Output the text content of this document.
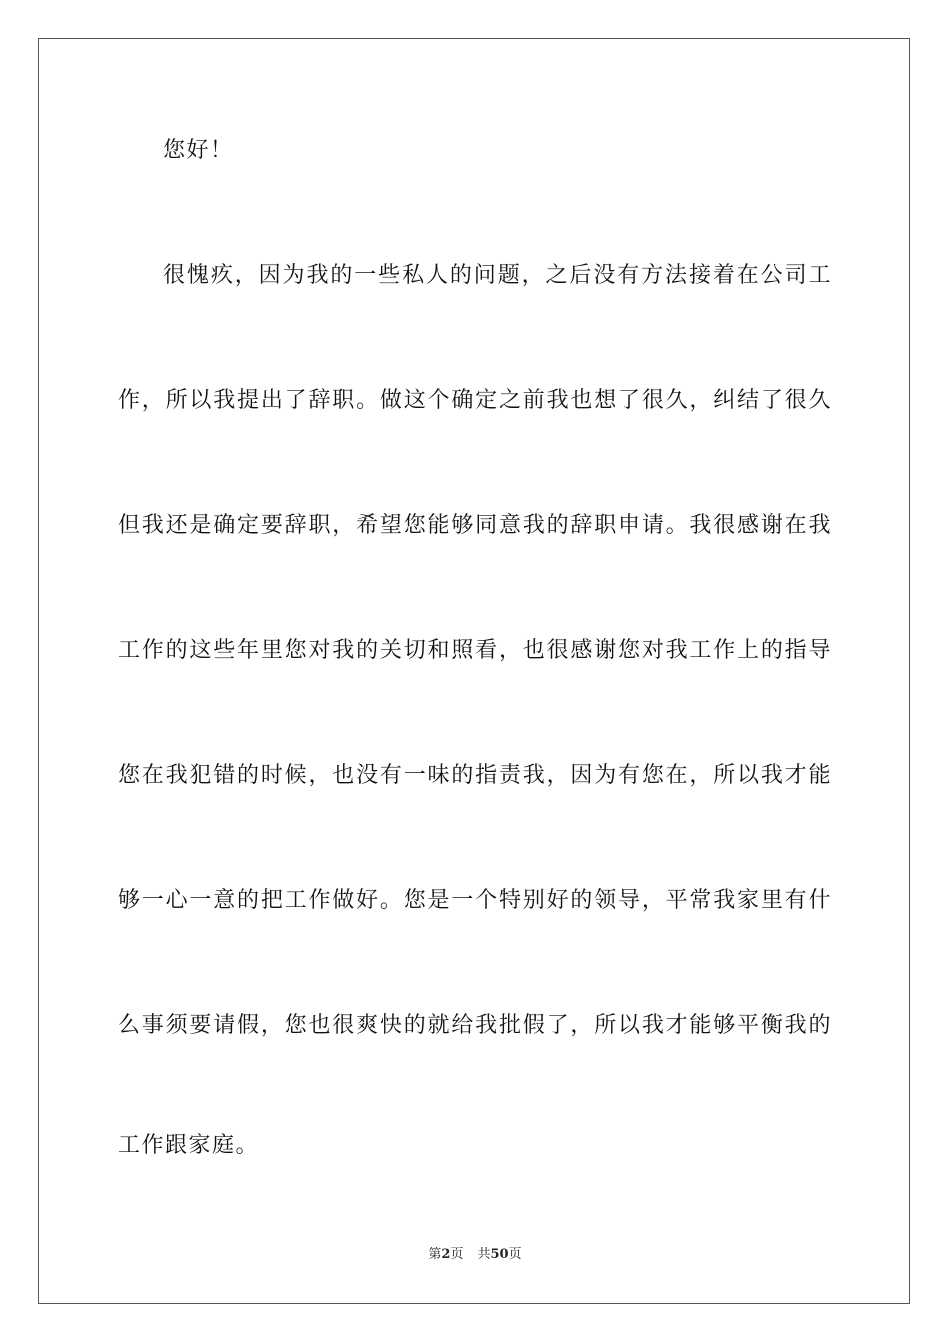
您好！
很愧疚，因为我的一些私人的问题，之后没有方法接着在公司工
作，所以我提出了辞职。做这个确定之前我也想了很久，纠结了很久
但我还是确定要辞职，希望您能够同意我的辞职申请。我很感谢在我
工作的这些年里您对我的关切和照看，也很感谢您对我工作上的指导
您在我犯错的时候，也没有一味的指责我，因为有您在，所以我才能
够一心一意的把工作做好。您是一个特别好的领导，平常我家里有什
么事须要请假，您也很爽快的就给我批假了，所以我才能够平衡我的
工作跟家庭。
第2页 共50页
